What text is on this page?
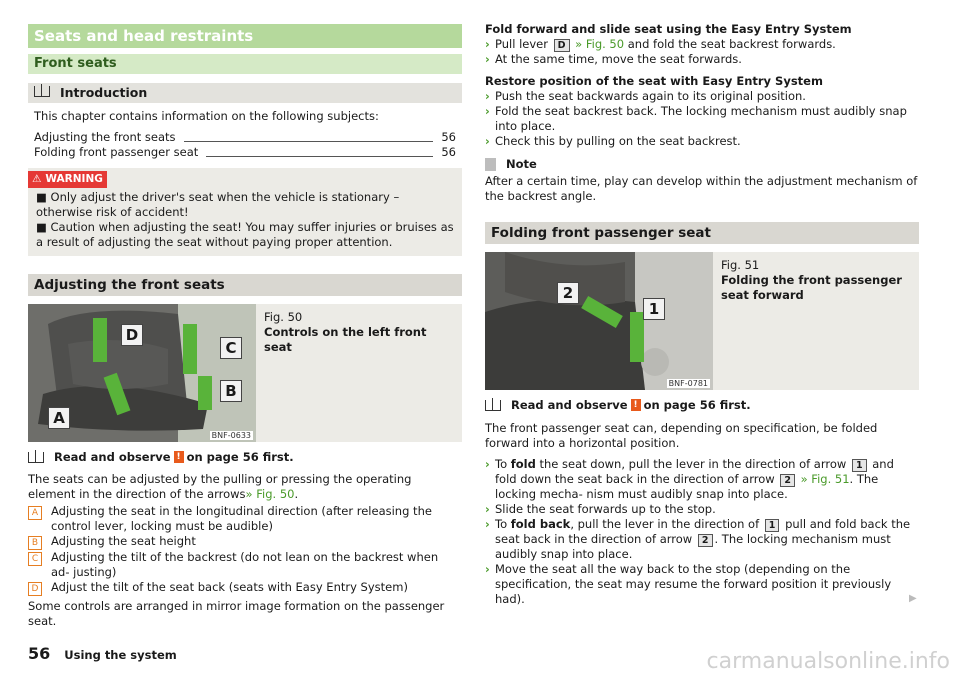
Seats and head restraints
Front seats
Introduction

This chapter contains information on the following subjects:

Adjusting the front seats	56
Folding front passenger seat	56
⚠ WARNING
■ Only adjust the driver's seat when the vehicle is stationary – otherwise risk of accident!
■ Caution when adjusting the seat! You may suffer injuries or bruises as a result of adjusting the seat without paying proper attention.
Adjusting the front seats
D
C
B
A
BNF-0633
Fig. 50
Controls on the left front seat
Read and observe ! on page 56 first.

The seats can be adjusted by the pulling or pressing the operating element in the direction of the arrows» Fig. 50.

A	Adjusting the seat in the longitudinal direction (after releasing the control lever, locking must be audible)
B	Adjusting the seat height
C	Adjusting the tilt of the backrest (do not lean on the backrest when ad- justing)
D	Adjust the tilt of the seat back (seats with Easy Entry System)

Some controls are arranged in mirror image formation on the passenger seat.

Fold forward and slide seat using the Easy Entry System
› Pull lever D » Fig. 50 and fold the seat backrest forwards.
› At the same time, move the seat forwards.
Restore position of the seat with Easy Entry System
› Push the seat backwards again to its original position.
› Fold the seat backrest back. The locking mechanism must audibly snap into place.
› Check this by pulling on the seat backrest.
Note

After a certain time, play can develop within the adjustment mechanism of the backrest angle.

Folding front passenger seat
2
1
BNF-0781
Fig. 51
Folding the front passenger seat forward
Read and observe ! on page 56 first.

The front passenger seat can, depending on specification, be folded forward into a horizontal position.

› To fold the seat down, pull the lever in the direction of arrow 1 and fold down the seat back in the direction of arrow 2 » Fig. 51. The locking mecha- nism must audibly snap into place.
› Slide the seat forwards up to the stop.
› To fold back, pull the lever in the direction of 1 pull and fold back the seat back in the direction of arrow 2 . The locking mechanism must audibly snap into place.
› Move the seat all the way back to the stop (depending on the specification, the seat may resume the forward position it previously had).	▶
56 Using the system	carmanualsonline.info
